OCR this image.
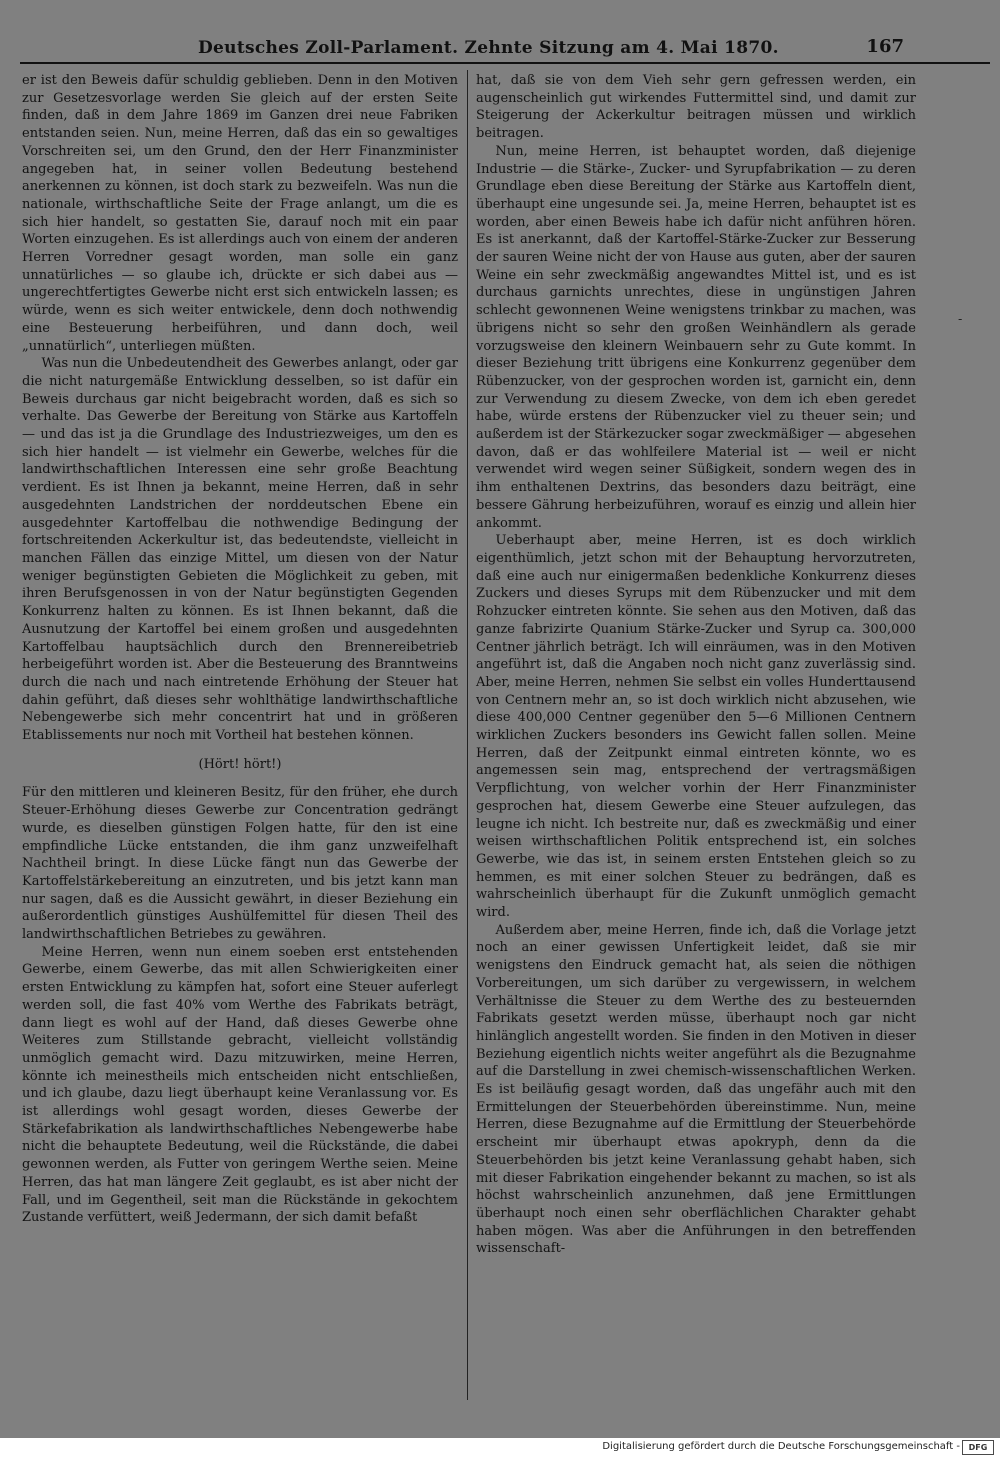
Deutsches Zoll-Parlament. Zehnte Sitzung am 4. Mai 1870.	167

er ist den Beweis dafür schuldig geblieben. Denn in den Motiven zur Gesetzesvorlage werden Sie gleich auf der ersten Seite finden, daß in dem Jahre 1869 im Ganzen drei neue Fabriken entstanden seien. Nun, meine Herren, daß das ein so gewaltiges Vorschreiten sei, um den Grund, den der Herr Finanzminister angegeben hat, in seiner vollen Bedeutung bestehend anerkennen zu können, ist doch stark zu bezweifeln. Was nun die nationale, wirthschaftliche Seite der Frage anlangt, um die es sich hier handelt, so gestatten Sie, darauf noch mit ein paar Worten einzugehen. Es ist allerdings auch von einem der anderen Herren Vorredner gesagt worden, man solle ein ganz unnatürliches — so glaube ich, drückte er sich dabei aus — ungerechtfertigtes Gewerbe nicht erst sich entwickeln lassen; es würde, wenn es sich weiter entwickele, denn doch nothwendig eine Besteuerung herbeiführen, und dann doch, weil „unnatürlich“, unterliegen müßten.

Was nun die Unbedeutendheit des Gewerbes anlangt, oder gar die nicht naturgemäße Entwicklung desselben, so ist dafür ein Beweis durchaus gar nicht beigebracht worden, daß es sich so verhalte. Das Gewerbe der Bereitung von Stärke aus Kartoffeln — und das ist ja die Grundlage des Industriezweiges, um den es sich hier handelt — ist vielmehr ein Gewerbe, welches für die landwirthschaftlichen Interessen eine sehr große Beachtung verdient. Es ist Ihnen ja bekannt, meine Herren, daß in sehr ausgedehnten Landstrichen der norddeutschen Ebene ein ausgedehnter Kartoffelbau die nothwendige Bedingung der fortschreitenden Ackerkultur ist, das bedeutendste, vielleicht in manchen Fällen das einzige Mittel, um diesen von der Natur weniger begünstigten Gebieten die Möglichkeit zu geben, mit ihren Berufsgenossen in von der Natur begünstigten Gegenden Konkurrenz halten zu können. Es ist Ihnen bekannt, daß die Ausnutzung der Kartoffel bei einem großen und ausgedehnten Kartoffelbau hauptsächlich durch den Brennereibetrieb herbeigeführt worden ist. Aber die Besteuerung des Branntweins durch die nach und nach eintretende Erhöhung der Steuer hat dahin geführt, daß dieses sehr wohlthätige landwirthschaftliche Nebengewerbe sich mehr concentrirt hat und in größeren Etablissements nur noch mit Vortheil hat bestehen können.

(Hört! hört!)

Für den mittleren und kleineren Besitz, für den früher, ehe durch Steuer-Erhöhung dieses Gewerbe zur Concentration gedrängt wurde, es dieselben günstigen Folgen hatte, für den ist eine empfindliche Lücke entstanden, die ihm ganz unzweifelhaft Nachtheil bringt. In diese Lücke fängt nun das Gewerbe der Kartoffelstärkebereitung an einzutreten, und bis jetzt kann man nur sagen, daß es die Aussicht gewährt, in dieser Beziehung ein außerordentlich günstiges Aushülfemittel für diesen Theil des landwirthschaftlichen Betriebes zu gewähren.

Meine Herren, wenn nun einem soeben erst entstehenden Gewerbe, einem Gewerbe, das mit allen Schwierigkeiten einer ersten Entwicklung zu kämpfen hat, sofort eine Steuer auferlegt werden soll, die fast 40% vom Werthe des Fabrikats beträgt, dann liegt es wohl auf der Hand, daß dieses Gewerbe ohne Weiteres zum Stillstande gebracht, vielleicht vollständig unmöglich gemacht wird. Dazu mitzuwirken, meine Herren, könnte ich meinestheils mich entscheiden nicht entschließen, und ich glaube, dazu liegt überhaupt keine Veranlassung vor. Es ist allerdings wohl gesagt worden, dieses Gewerbe der Stärkefabrikation als landwirthschaftliches Nebengewerbe habe nicht die behauptete Bedeutung, weil die Rückstände, die dabei gewonnen werden, als Futter von geringem Werthe seien. Meine Herren, das hat man längere Zeit geglaubt, es ist aber nicht der Fall, und im Gegentheil, seit man die Rückstände in gekochtem Zustande verfüttert, weiß Jedermann, der sich damit befaßt

hat, daß sie von dem Vieh sehr gern gefressen werden, ein augenscheinlich gut wirkendes Futtermittel sind, und damit zur Steigerung der Ackerkultur beitragen müssen und wirklich beitragen.

Nun, meine Herren, ist behauptet worden, daß diejenige Industrie — die Stärke-, Zucker- und Syrupfabrikation — zu deren Grundlage eben diese Bereitung der Stärke aus Kartoffeln dient, überhaupt eine ungesunde sei. Ja, meine Herren, behauptet ist es worden, aber einen Beweis habe ich dafür nicht anführen hören. Es ist anerkannt, daß der Kartoffel-Stärke-Zucker zur Besserung der sauren Weine nicht der von Hause aus guten, aber der sauren Weine ein sehr zweckmäßig angewandtes Mittel ist, und es ist durchaus garnichts unrechtes, diese in ungünstigen Jahren schlecht gewonnenen Weine wenigstens trinkbar zu machen, was übrigens nicht so sehr den großen Weinhändlern als gerade vorzugsweise den kleinern Weinbauern sehr zu Gute kommt. In dieser Beziehung tritt übrigens eine Konkurrenz gegenüber dem Rübenzucker, von der gesprochen worden ist, garnicht ein, denn zur Verwendung zu diesem Zwecke, von dem ich eben geredet habe, würde erstens der Rübenzucker viel zu theuer sein; und außerdem ist der Stärkezucker sogar zweckmäßiger — abgesehen davon, daß er das wohlfeilere Material ist — weil er nicht verwendet wird wegen seiner Süßigkeit, sondern wegen des in ihm enthaltenen Dextrins, das besonders dazu beiträgt, eine bessere Gährung herbeizuführen, worauf es einzig und allein hier ankommt.

Ueberhaupt aber, meine Herren, ist es doch wirklich eigenthümlich, jetzt schon mit der Behauptung hervorzutreten, daß eine auch nur einigermaßen bedenkliche Konkurrenz dieses Zuckers und dieses Syrups mit dem Rübenzucker und mit dem Rohzucker eintreten könnte. Sie sehen aus den Motiven, daß das ganze fabrizirte Quanium Stärke-Zucker und Syrup ca. 300,000 Centner jährlich beträgt. Ich will einräumen, was in den Motiven angeführt ist, daß die Angaben noch nicht ganz zuverlässig sind. Aber, meine Herren, nehmen Sie selbst ein volles Hunderttausend von Centnern mehr an, so ist doch wirklich nicht abzusehen, wie diese 400,000 Centner gegenüber den 5—6 Millionen Centnern wirklichen Zuckers besonders ins Gewicht fallen sollen. Meine Herren, daß der Zeitpunkt einmal eintreten könnte, wo es angemessen sein mag, entsprechend der vertragsmäßigen Verpflichtung, von welcher vorhin der Herr Finanzminister gesprochen hat, diesem Gewerbe eine Steuer aufzulegen, das leugne ich nicht. Ich bestreite nur, daß es zweckmäßig und einer weisen wirthschaftlichen Politik entsprechend ist, ein solches Gewerbe, wie das ist, in seinem ersten Entstehen gleich so zu hemmen, es mit einer solchen Steuer zu bedrängen, daß es wahrscheinlich überhaupt für die Zukunft unmöglich gemacht wird.

Außerdem aber, meine Herren, finde ich, daß die Vorlage jetzt noch an einer gewissen Unfertigkeit leidet, daß sie mir wenigstens den Eindruck gemacht hat, als seien die nöthigen Vorbereitungen, um sich darüber zu vergewissern, in welchem Verhältnisse die Steuer zu dem Werthe des zu besteuernden Fabrikats gesetzt werden müsse, überhaupt noch gar nicht hinlänglich angestellt worden. Sie finden in den Motiven in dieser Beziehung eigentlich nichts weiter angeführt als die Bezugnahme auf die Darstellung in zwei chemisch-wissenschaftlichen Werken. Es ist beiläufig gesagt worden, daß das ungefähr auch mit den Ermittelungen der Steuerbehörden übereinstimme. Nun, meine Herren, diese Bezugnahme auf die Ermittlung der Steuerbehörde erscheint mir überhaupt etwas apokryph, denn da die Steuerbehörden bis jetzt keine Veranlassung gehabt haben, sich mit dieser Fabrikation eingehender bekannt zu machen, so ist als höchst wahrscheinlich anzunehmen, daß jene Ermittlungen überhaupt noch einen sehr oberflächlichen Charakter gehabt haben mögen. Was aber die Anführungen in den betreffenden wissenschaft-

-
Digitalisierung gefördert durch die Deutsche Forschungsgemeinschaft -	DFG
